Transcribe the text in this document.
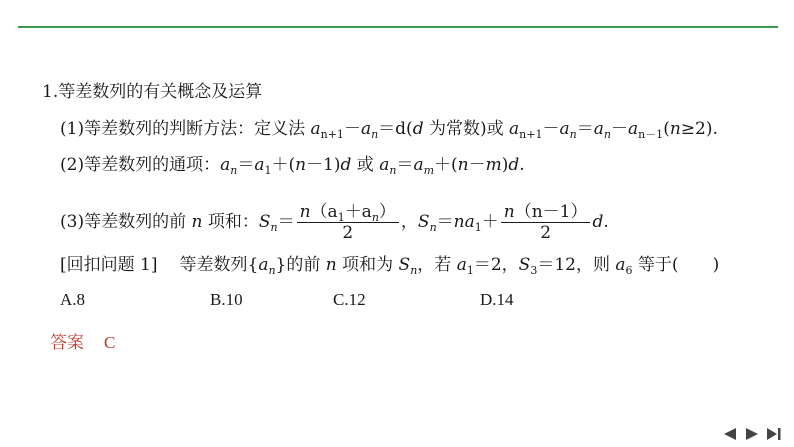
1.等差数列的有关概念及运算
(1)等差数列的判断方法：定义法 $a_{n+1}-a_n=d(d$ 为常数)或 $a_{n+1}-a_n=a_n-a_{n-1}(n\ge 2)$.
(2)等差数列的通项：$a_n=a_1+(n-1)d$ 或 $a_n=a_m+(n-m)d$.
(3)等差数列的前 n 项和：$S_n= \frac{n(a_1+a_n)}{2}$ ，$S_n=na_1+ \frac{n(n-1)}{2} d$.
[回扣问题 1] 等差数列$\{a_n\}$的前 n 项和为 $S_n$，若 $a_1=2$，$S_3=12$，则 $a_6$ 等于( )
A.8	B.10	C.12	D.14
答案 C
